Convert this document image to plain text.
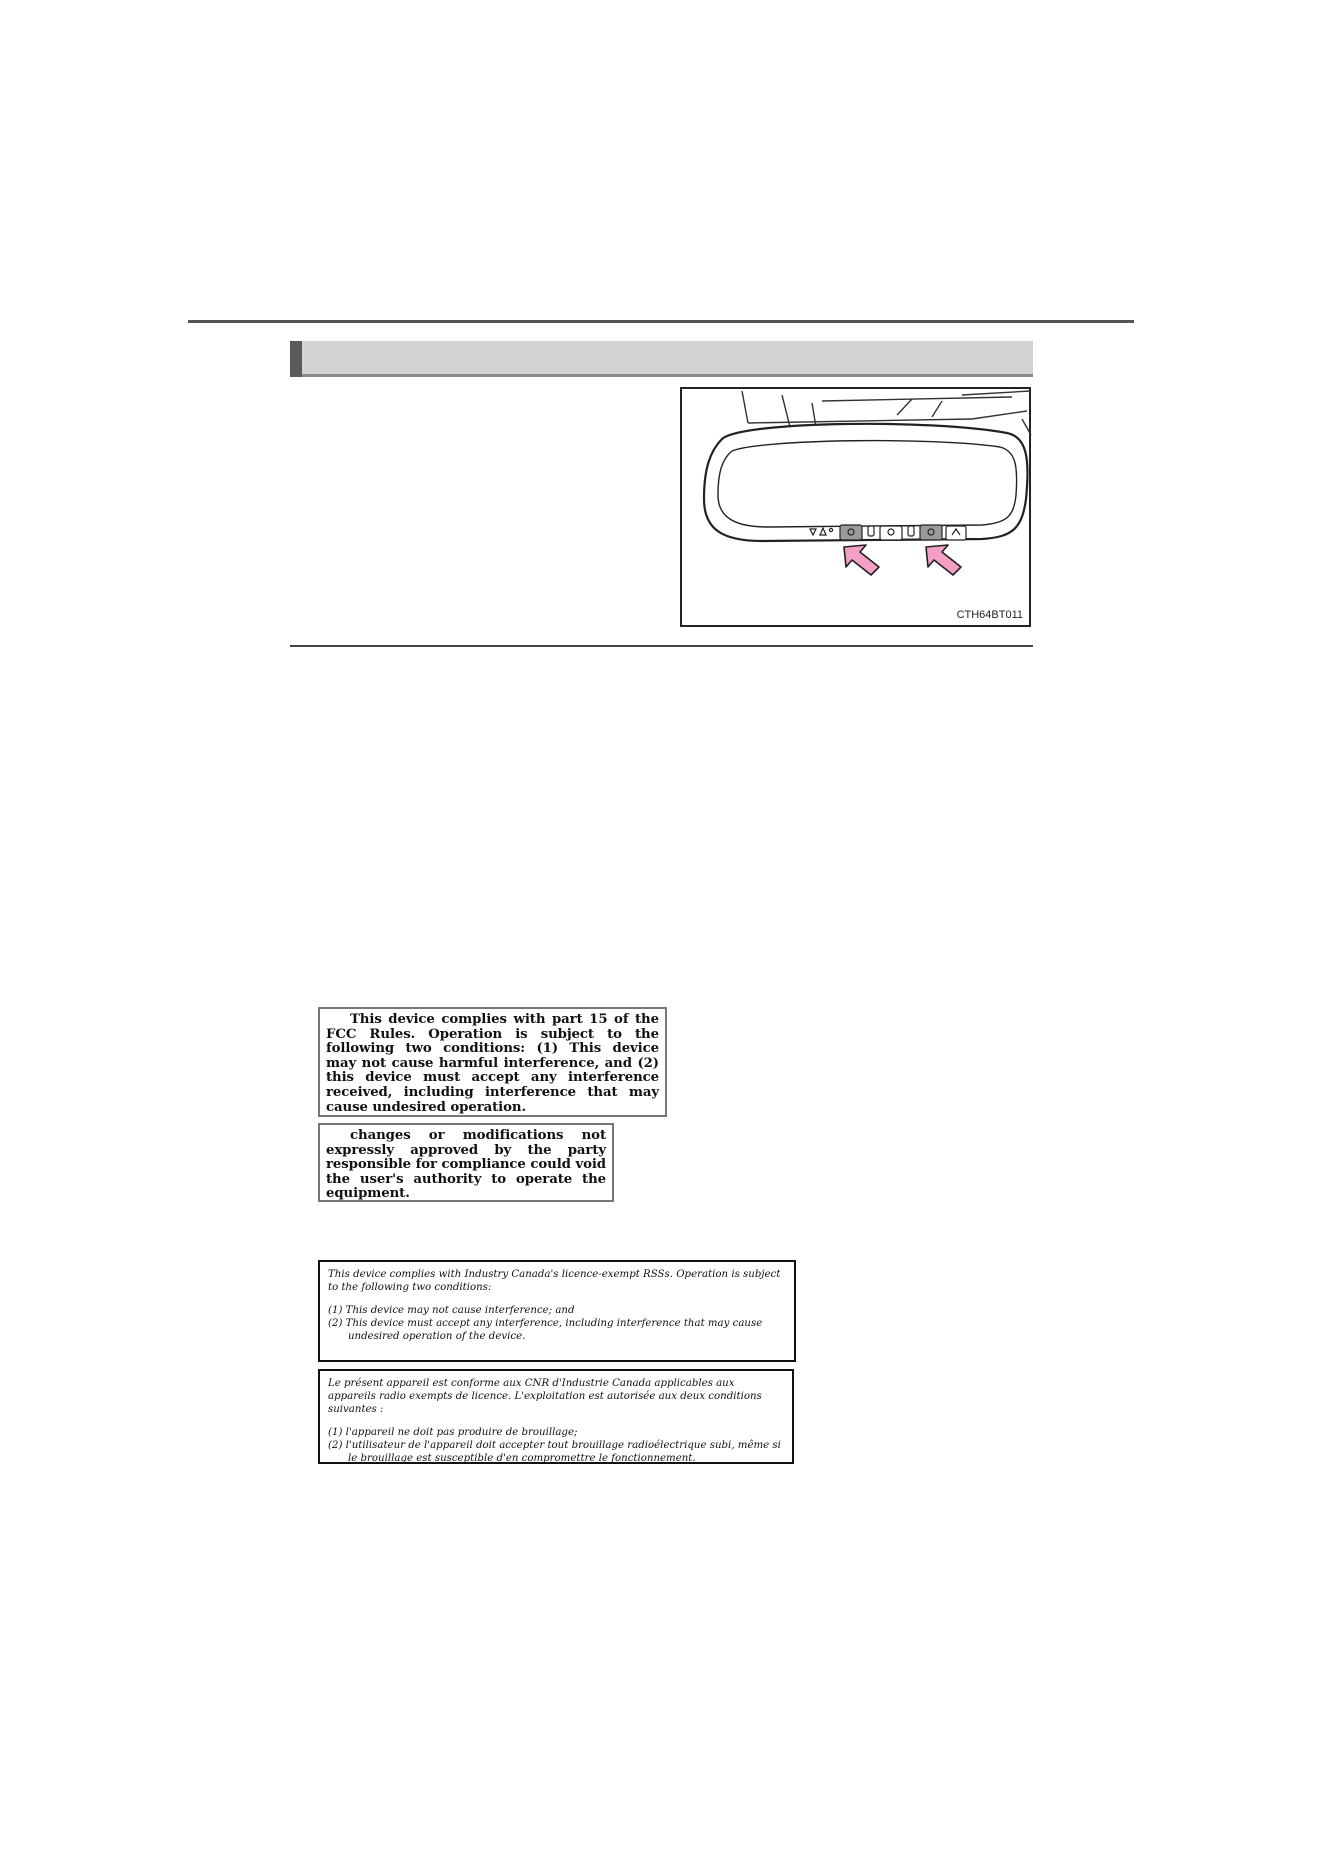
CTH64BT011

This device complies with part 15 of the FCC Rules. Operation is subject to the following two conditions: (1) This device may not cause harmful interference, and (2) this device must accept any interference received, including interference that may cause undesired operation.

changes or modifications not expressly approved by the party responsible for compliance could void the user's authority to operate the equipment.

This device complies with Industry Canada's licence-exempt RSSs. Operation is subject to the following two conditions:

(1) This device may not cause interference; and
(2) This device must accept any interference, including interference that may cause undesired operation of the device.

Le présent appareil est conforme aux CNR d'Industrie Canada applicables aux appareils radio exempts de licence. L'exploitation est autorisée aux deux conditions suivantes :

(1) l'appareil ne doit pas produire de brouillage;
(2) l'utilisateur de l'appareil doit accepter tout brouillage radioélectrique subi, même si le brouillage est susceptible d'en compromettre le fonctionnement.
